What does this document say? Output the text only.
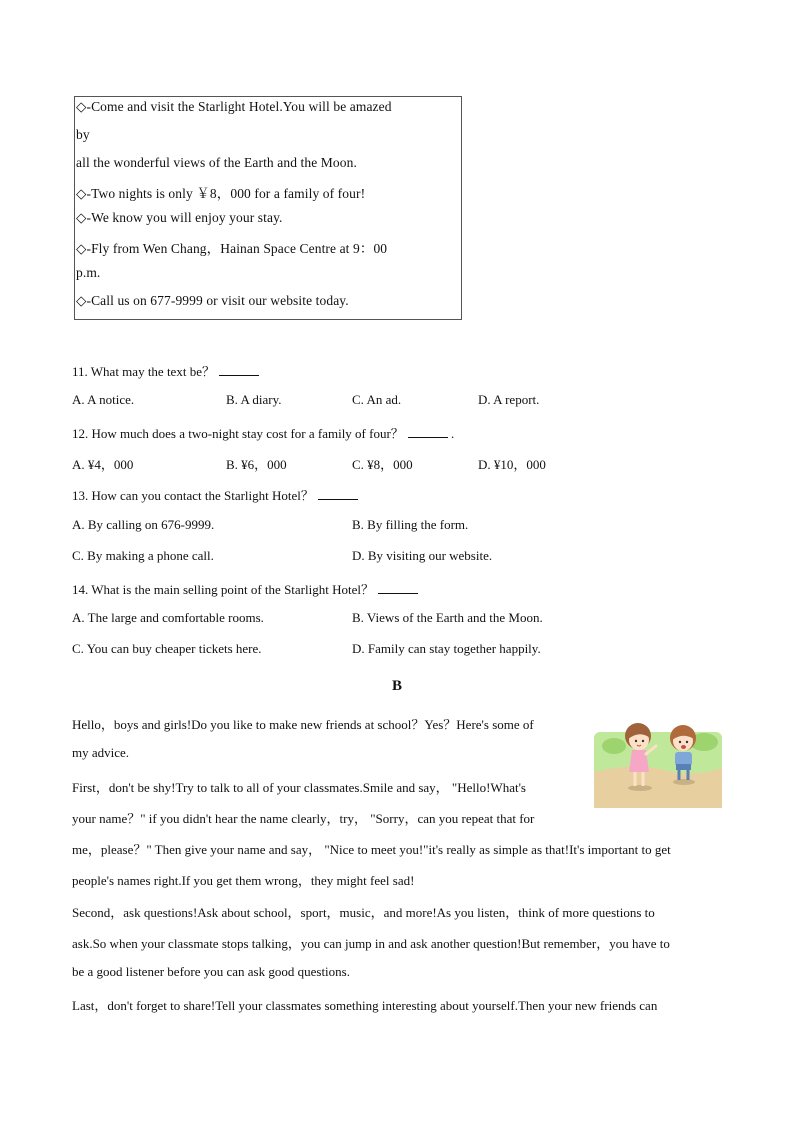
◇-Come and visit the Starlight Hotel.You will be amazed
by
all the wonderful views of the Earth and the Moon.
◇-Two nights is only ￥8，000 for a family of four!
◇-We know you will enjoy your stay.
◇-Fly from Wen Chang，Hainan Space Centre at 9：00
p.m.
◇-Call us on 677-9999 or visit our website today.
11. What may the text be？
A. A notice.	B. A diary.	C. An ad.	D. A report.
12. How much does a two-night stay cost for a family of four？	.
A. ¥4，000	B. ¥6，000	C. ¥8，000	D. ¥10，000
13. How can you contact the Starlight Hotel？
A. By calling on 676-9999.	B. By filling the form.
C. By making a phone call.	D. By visiting our website.
14. What is the main selling point of the Starlight Hotel？
A. The large and comfortable rooms.	B. Views of the Earth and the Moon.
C. You can buy cheaper tickets here.	D. Family can stay together happily.
B
Hello，boys and girls!Do you like to make new friends at school？Yes？Here's some of
my advice.
First，don't be shy!Try to talk to all of your classmates.Smile and say， "Hello!What's
your name？" if you didn't hear the name clearly，try， "Sorry，can you repeat that for
me，please？" Then give your name and say， "Nice to meet you!"it's really as simple as that!It's important to get
people's names right.If you get them wrong，they might feel sad!
Second，ask questions!Ask about school，sport，music，and more!As you listen，think of more questions to
ask.So when your classmate stops talking，you can jump in and ask another question!But remember，you have to
be a good listener before you can ask good questions.
Last，don't forget to share!Tell your classmates something interesting about yourself.Then your new friends can
